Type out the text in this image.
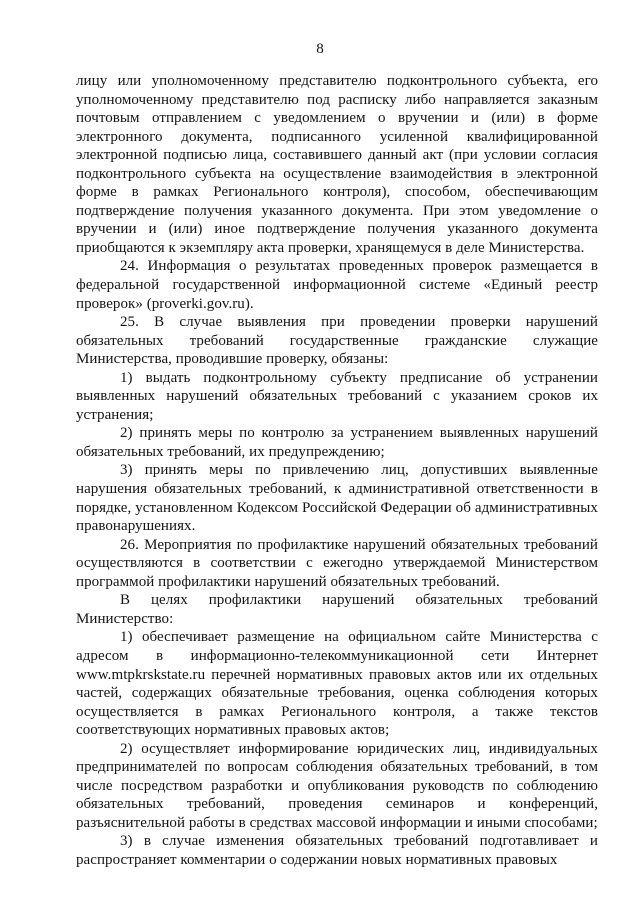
8

лицу или уполномоченному представителю подконтрольного субъекта, его уполномоченному представителю под расписку либо направляется заказным почтовым отправлением с уведомлением о вручении и (или) в форме электронного документа, подписанного усиленной квалифицированной электронной подписью лица, составившего данный акт (при условии согласия подконтрольного субъекта на осуществление взаимодействия в электронной форме в рамках Регионального контроля), способом, обеспечивающим подтверждение получения указанного документа. При этом уведомление о вручении и (или) иное подтверждение получения указанного документа приобщаются к экземпляру акта проверки, хранящемуся в деле Министерства.

24. Информация о результатах проведенных проверок размещается в федеральной государственной информационной системе «Единый реестр проверок» (proverki.gov.ru).

25. В случае выявления при проведении проверки нарушений обязательных требований государственные гражданские служащие Министерства, проводившие проверку, обязаны:

1) выдать подконтрольному субъекту предписание об устранении выявленных нарушений обязательных требований с указанием сроков их устранения;

2) принять меры по контролю за устранением выявленных нарушений обязательных требований, их предупреждению;

3) принять меры по привлечению лиц, допустивших выявленные нарушения обязательных требований, к административной ответственности в порядке, установленном Кодексом Российской Федерации об административных правонарушениях.

26. Мероприятия по профилактике нарушений обязательных требований осуществляются в соответствии с ежегодно утверждаемой Министерством программой профилактики нарушений обязательных требований.

В целях профилактики нарушений обязательных требований Министерство:

1) обеспечивает размещение на официальном сайте Министерства с адресом в информационно-телекоммуникационной сети Интернет www.mtpkrskstate.ru перечней нормативных правовых актов или их отдельных частей, содержащих обязательные требования, оценка соблюдения которых осуществляется в рамках Регионального контроля, а также текстов соответствующих нормативных правовых актов;

2) осуществляет информирование юридических лиц, индивидуальных предпринимателей по вопросам соблюдения обязательных требований, в том числе посредством разработки и опубликования руководств по соблюдению обязательных требований, проведения семинаров и конференций, разъяснительной работы в средствах массовой информации и иными способами;

3) в случае изменения обязательных требований подготавливает и распространяет комментарии о содержании новых нормативных правовых
